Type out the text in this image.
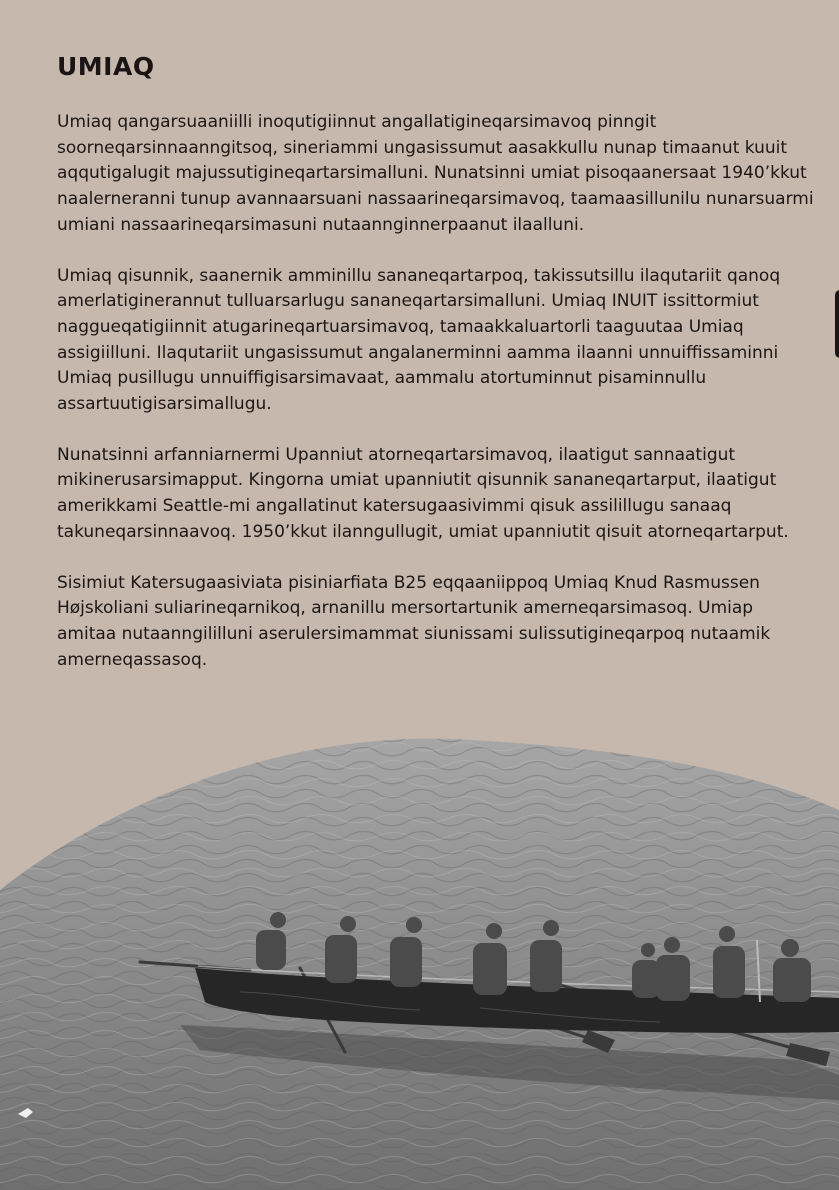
UMIAQ

Umiaq qangarsuaaniilli inoqutigiinnut angallatigineqarsimavoq pinngit soorneqarsinnaanngitsoq, sineriammi ungasissumut aasakkullu nunap timaanut kuuit aqqutigalugit majussutigineqartarsimalluni. Nunatsinni umiat pisoqaanersaat 1940’kkut naalerneranni tunup avannaarsuani nassaarineqarsimavoq, taamaasillunilu nunarsuarmi umiani nassaarineqarsimasuni nutaannginnerpaanut ilaalluni.

Umiaq qisunnik, saanernik amminillu sananeqartarpoq, takissutsillu ilaqutariit qanoq amerlatiginerannut tulluarsarlugu sananeqartarsimalluni. Umiaq INUIT issittormiut naggueqatigiinnit atugarineqartuarsimavoq, tamaakkaluartorli taaguutaa Umiaq assigiilluni. Ilaqutariit ungasissumut angalanerminni aamma ilaanni unnuiffissaminni Umiaq pusillugu unnuiffigisarsimavaat, aammalu atortuminnut pisaminnullu assartuutigisarsimallugu.

Nunatsinni arfanniarnermi Upanniut atorneqartarsimavoq, ilaatigut sannaatigut mikinerusarsimapput. Kingorna umiat upanniutit qisunnik sananeqartarput, ilaatigut amerikkami Seattle-mi angallatinut katersugaasivimmi qisuk assilillugu sanaaq takuneqarsinnaavoq. 1950’kkut ilanngullugit, umiat upanniutit qisuit atorneqartarput.

Sisimiut Katersugaasiviata pisiniarfiata B25 eqqaaniippoq Umiaq Knud Rasmussen Højskoliani suliarineqarnikoq, arnanillu mersortartunik amerneqarsimasoq. Umiap amitaa nutaanngililluni aserulersimammat siunissami sulissutigineqarpoq nutaamik amerneqassasoq.
